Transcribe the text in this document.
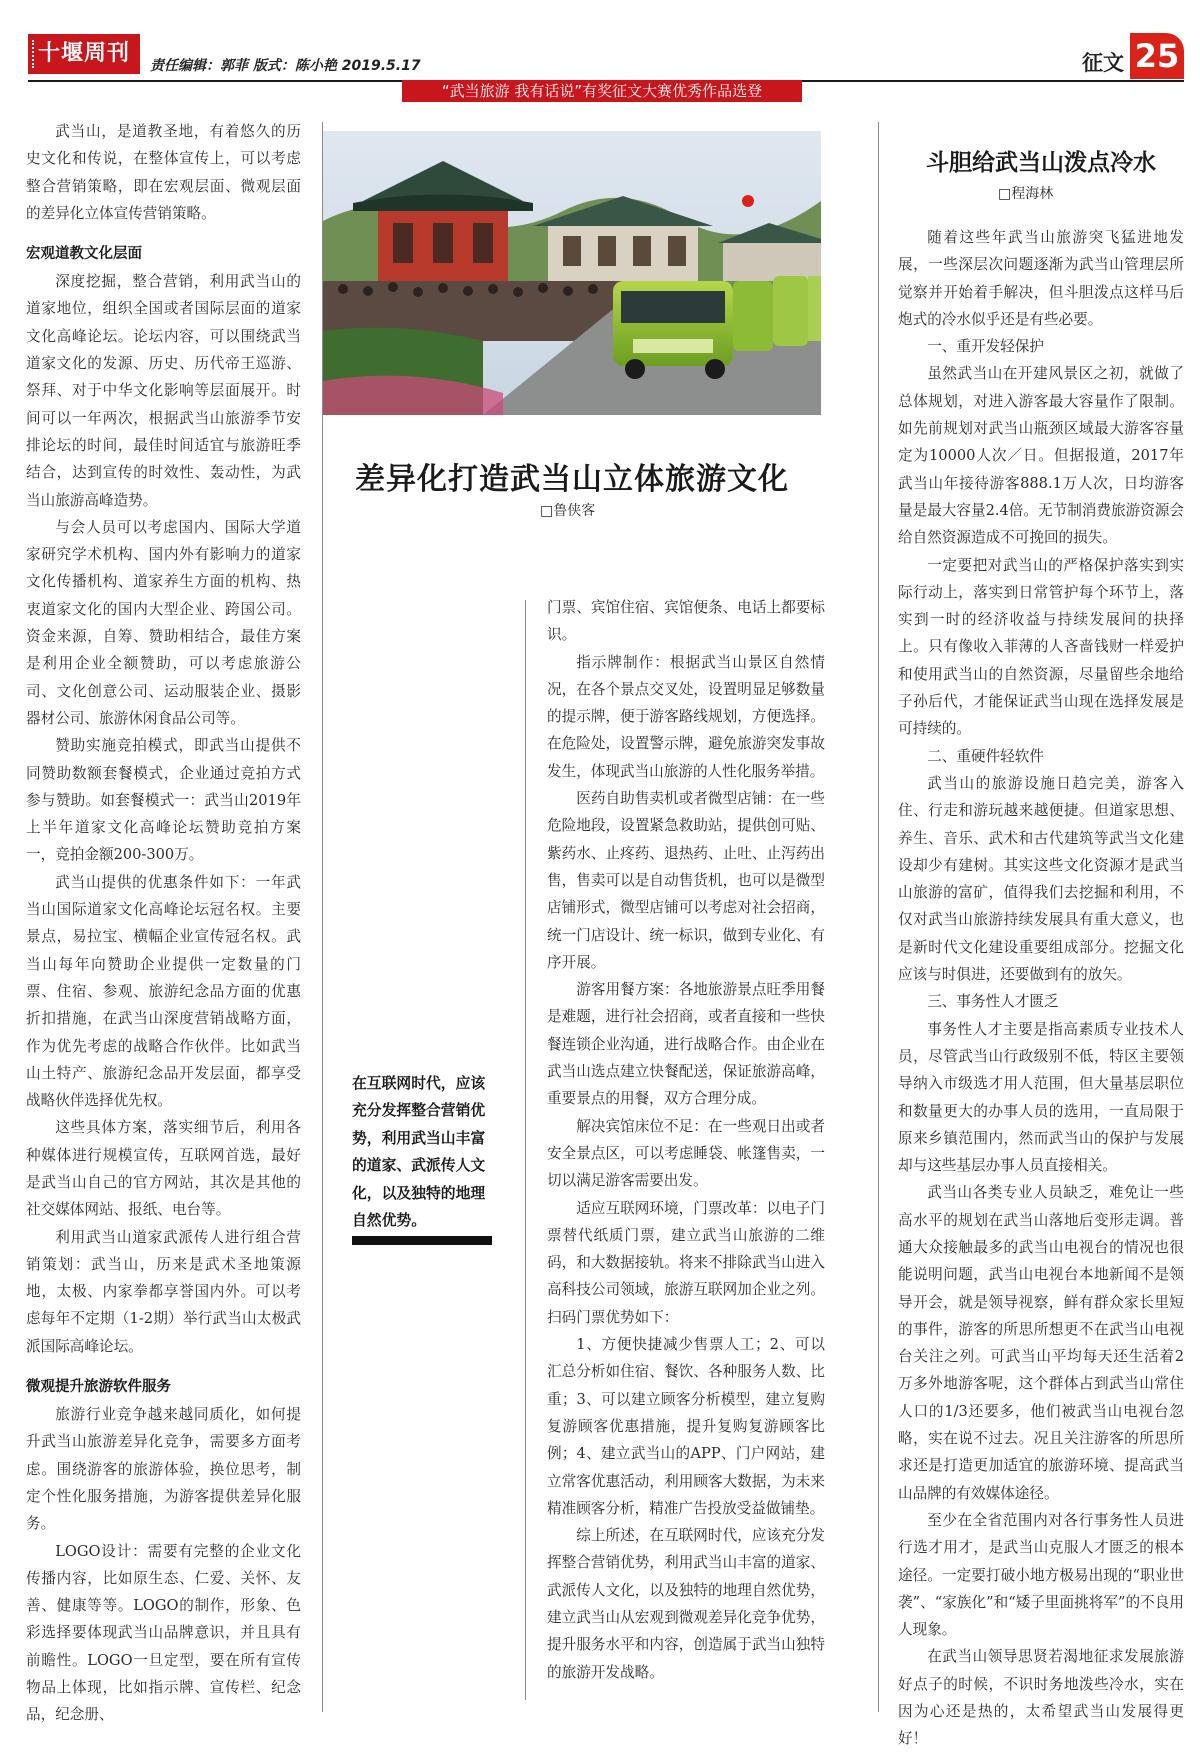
十堰周刊	责任编辑：郭菲 版式：陈小艳 2019.5.17	征文 25
“武当旅游 我有话说”有奖征文大赛优秀作品选登

武当山，是道教圣地，有着悠久的历史文化和传说，在整体宣传上，可以考虑整合营销策略，即在宏观层面、微观层面的差异化立体宣传营销策略。

宏观道教文化层面

深度挖掘，整合营销，利用武当山的道家地位，组织全国或者国际层面的道家文化高峰论坛。论坛内容，可以围绕武当道家文化的发源、历史、历代帝王巡游、祭拜、对于中华文化影响等层面展开。时间可以一年两次，根据武当山旅游季节安排论坛的时间，最佳时间适宜与旅游旺季结合，达到宣传的时效性、轰动性，为武当山旅游高峰造势。

与会人员可以考虑国内、国际大学道家研究学术机构、国内外有影响力的道家文化传播机构、道家养生方面的机构、热衷道家文化的国内大型企业、跨国公司。资金来源，自筹、赞助相结合，最佳方案是利用企业全额赞助，可以考虑旅游公司、文化创意公司、运动服装企业、摄影器材公司、旅游休闲食品公司等。

赞助实施竞拍模式，即武当山提供不同赞助数额套餐模式，企业通过竞拍方式参与赞助。如套餐模式一：武当山2019年上半年道家文化高峰论坛赞助竞拍方案一，竞拍金额200-300万。

武当山提供的优惠条件如下：一年武当山国际道家文化高峰论坛冠名权。主要景点，易拉宝、横幅企业宣传冠名权。武当山每年向赞助企业提供一定数量的门票、住宿、参观、旅游纪念品方面的优惠折扣措施，在武当山深度营销战略方面，作为优先考虑的战略合作伙伴。比如武当山土特产、旅游纪念品开发层面，都享受战略伙伴选择优先权。

这些具体方案，落实细节后，利用各种媒体进行规模宣传，互联网首选，最好是武当山自己的官方网站，其次是其他的社交媒体网站、报纸、电台等。

利用武当山道家武派传人进行组合营销策划：武当山，历来是武术圣地策源地，太极、内家拳都享誉国内外。可以考虑每年不定期（1-2期）举行武当山太极武派国际高峰论坛。

微观提升旅游软件服务

旅游行业竞争越来越同质化，如何提升武当山旅游差异化竞争，需要多方面考虑。围绕游客的旅游体验，换位思考，制定个性化服务措施，为游客提供差异化服务。

LOGO设计：需要有完整的企业文化传播内容，比如原生态、仁爱、关怀、友善、健康等等。LOGO的制作，形象、色彩选择要体现武当山品牌意识，并且具有前瞻性。LOGO一旦定型，要在所有宣传物品上体现，比如指示牌、宣传栏、纪念品，纪念册、

差异化打造武当山立体旅游文化
□鲁侠客
在互联网时代，应该充分发挥整合营销优势，利用武当山丰富的道家、武派传人文化，以及独特的地理自然优势。

门票、宾馆住宿、宾馆便条、电话上都要标识。

指示牌制作：根据武当山景区自然情况，在各个景点交叉处，设置明显足够数量的提示牌，便于游客路线规划，方便选择。在危险处，设置警示牌，避免旅游突发事故发生，体现武当山旅游的人性化服务举措。

医药自助售卖机或者微型店铺：在一些危险地段，设置紧急救助站，提供创可贴、紫药水、止疼药、退热药、止吐、止泻药出售，售卖可以是自动售货机，也可以是微型店铺形式，微型店铺可以考虑对社会招商，统一门店设计、统一标识，做到专业化、有序开展。

游客用餐方案：各地旅游景点旺季用餐是难题，进行社会招商，或者直接和一些快餐连锁企业沟通，进行战略合作。由企业在武当山选点建立快餐配送，保证旅游高峰，重要景点的用餐，双方合理分成。

解决宾馆床位不足：在一些观日出或者安全景点区，可以考虑睡袋、帐篷售卖，一切以满足游客需要出发。

适应互联网环境，门票改革：以电子门票替代纸质门票，建立武当山旅游的二维码，和大数据接轨。将来不排除武当山进入高科技公司领域，旅游互联网加企业之列。扫码门票优势如下：

1、方便快捷减少售票人工；2、可以汇总分析如住宿、餐饮、各种服务人数、比重；3、可以建立顾客分析模型，建立复购复游顾客优惠措施，提升复购复游顾客比例；4、建立武当山的APP、门户网站，建立常客优惠活动，利用顾客大数据，为未来精准顾客分析，精准广告投放受益做铺垫。

综上所述，在互联网时代，应该充分发挥整合营销优势，利用武当山丰富的道家、武派传人文化，以及独特的地理自然优势，建立武当山从宏观到微观差异化竞争优势，提升服务水平和内容，创造属于武当山独特的旅游开发战略。

斗胆给武当山泼点冷水
□程海林

随着这些年武当山旅游突飞猛进地发展，一些深层次问题逐渐为武当山管理层所觉察并开始着手解决，但斗胆泼点这样马后炮式的冷水似乎还是有些必要。

一、重开发轻保护

虽然武当山在开建风景区之初，就做了总体规划，对进入游客最大容量作了限制。如先前规划对武当山瓶颈区域最大游客容量定为10000人次／日。但据报道，2017年武当山年接待游客888.1万人次，日均游客量是最大容量2.4倍。无节制消费旅游资源会给自然资源造成不可挽回的损失。

一定要把对武当山的严格保护落实到实际行动上，落实到日常管护每个环节上，落实到一时的经济收益与持续发展间的抉择上。只有像收入菲薄的人吝啬钱财一样爱护和使用武当山的自然资源，尽量留些余地给子孙后代，才能保证武当山现在选择发展是可持续的。

二、重硬件轻软件

武当山的旅游设施日趋完美，游客入住、行走和游玩越来越便捷。但道家思想、养生、音乐、武术和古代建筑等武当文化建设却少有建树。其实这些文化资源才是武当山旅游的富矿，值得我们去挖掘和利用，不仅对武当山旅游持续发展具有重大意义，也是新时代文化建设重要组成部分。挖掘文化应该与时俱进，还要做到有的放矢。

三、事务性人才匮乏

事务性人才主要是指高素质专业技术人员，尽管武当山行政级别不低，特区主要领导纳入市级选才用人范围，但大量基层职位和数量更大的办事人员的选用，一直局限于原来乡镇范围内，然而武当山的保护与发展却与这些基层办事人员直接相关。

武当山各类专业人员缺乏，难免让一些高水平的规划在武当山落地后变形走调。普通大众接触最多的武当山电视台的情况也很能说明问题，武当山电视台本地新闻不是领导开会，就是领导视察，鲜有群众家长里短的事件，游客的所思所想更不在武当山电视台关注之列。可武当山平均每天还生活着2万多外地游客呢，这个群体占到武当山常住人口的1/3还要多，他们被武当山电视台忽略，实在说不过去。况且关注游客的所思所求还是打造更加适宜的旅游环境、提高武当山品牌的有效媒体途径。

至少在全省范围内对各行事务性人员进行选才用才，是武当山克服人才匮乏的根本途径。一定要打破小地方极易出现的“职业世袭”、“家族化”和“矮子里面挑将军”的不良用人现象。

在武当山领导思贤若渴地征求发展旅游好点子的时候，不识时务地泼些冷水，实在因为心还是热的，太希望武当山发展得更好！
